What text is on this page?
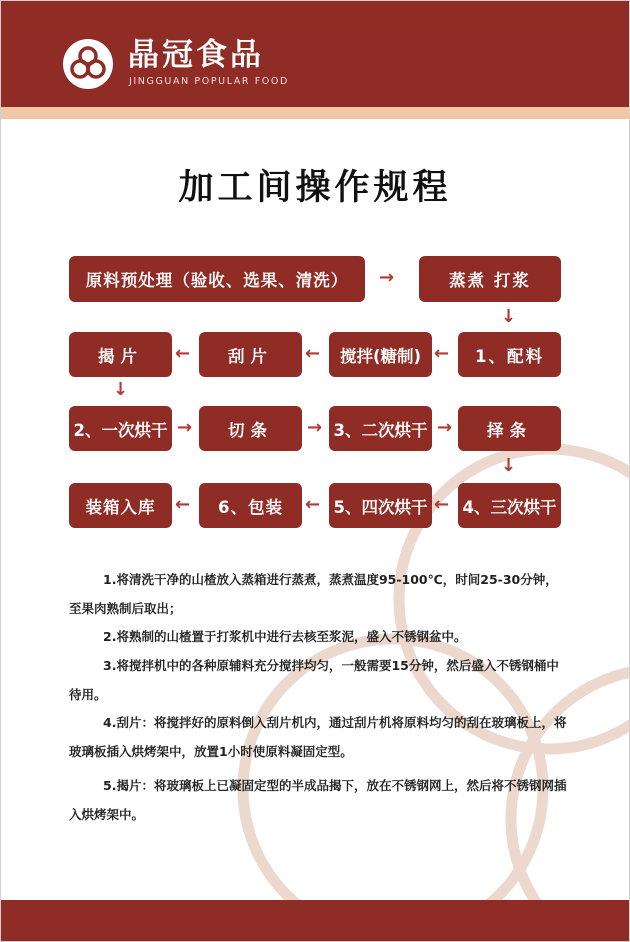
晶冠食品
JINGGUAN POPULAR FOOD
加工间操作规程
原料预处理（验收、选果、清洗）	→	蒸煮 打浆
↓
1、配料
←
搅拌(糖制)
←
刮片
←
揭片
↓
2、一次烘干 →	切条	→ 3、二次烘干 →	择条
↓
4、三次烘干
←
5、四次烘干
←
6、包装
←
装箱入库
1.将清洗干净的山楂放入蒸箱进行蒸煮，蒸煮温度95-100℃，时间25-30分钟，至果肉熟制后取出；
2.将熟制的山楂置于打浆机中进行去核至浆泥，盛入不锈钢盆中。
3.将搅拌机中的各种原辅料充分搅拌均匀，一般需要15分钟，然后盛入不锈钢桶中待用。
4.刮片：将搅拌好的原料倒入刮片机内，通过刮片机将原料均匀的刮在玻璃板上，将玻璃板插入烘烤架中，放置1小时使原料凝固定型。
5.揭片：将玻璃板上已凝固定型的半成品揭下，放在不锈钢网上，然后将不锈钢网插入烘烤架中。
